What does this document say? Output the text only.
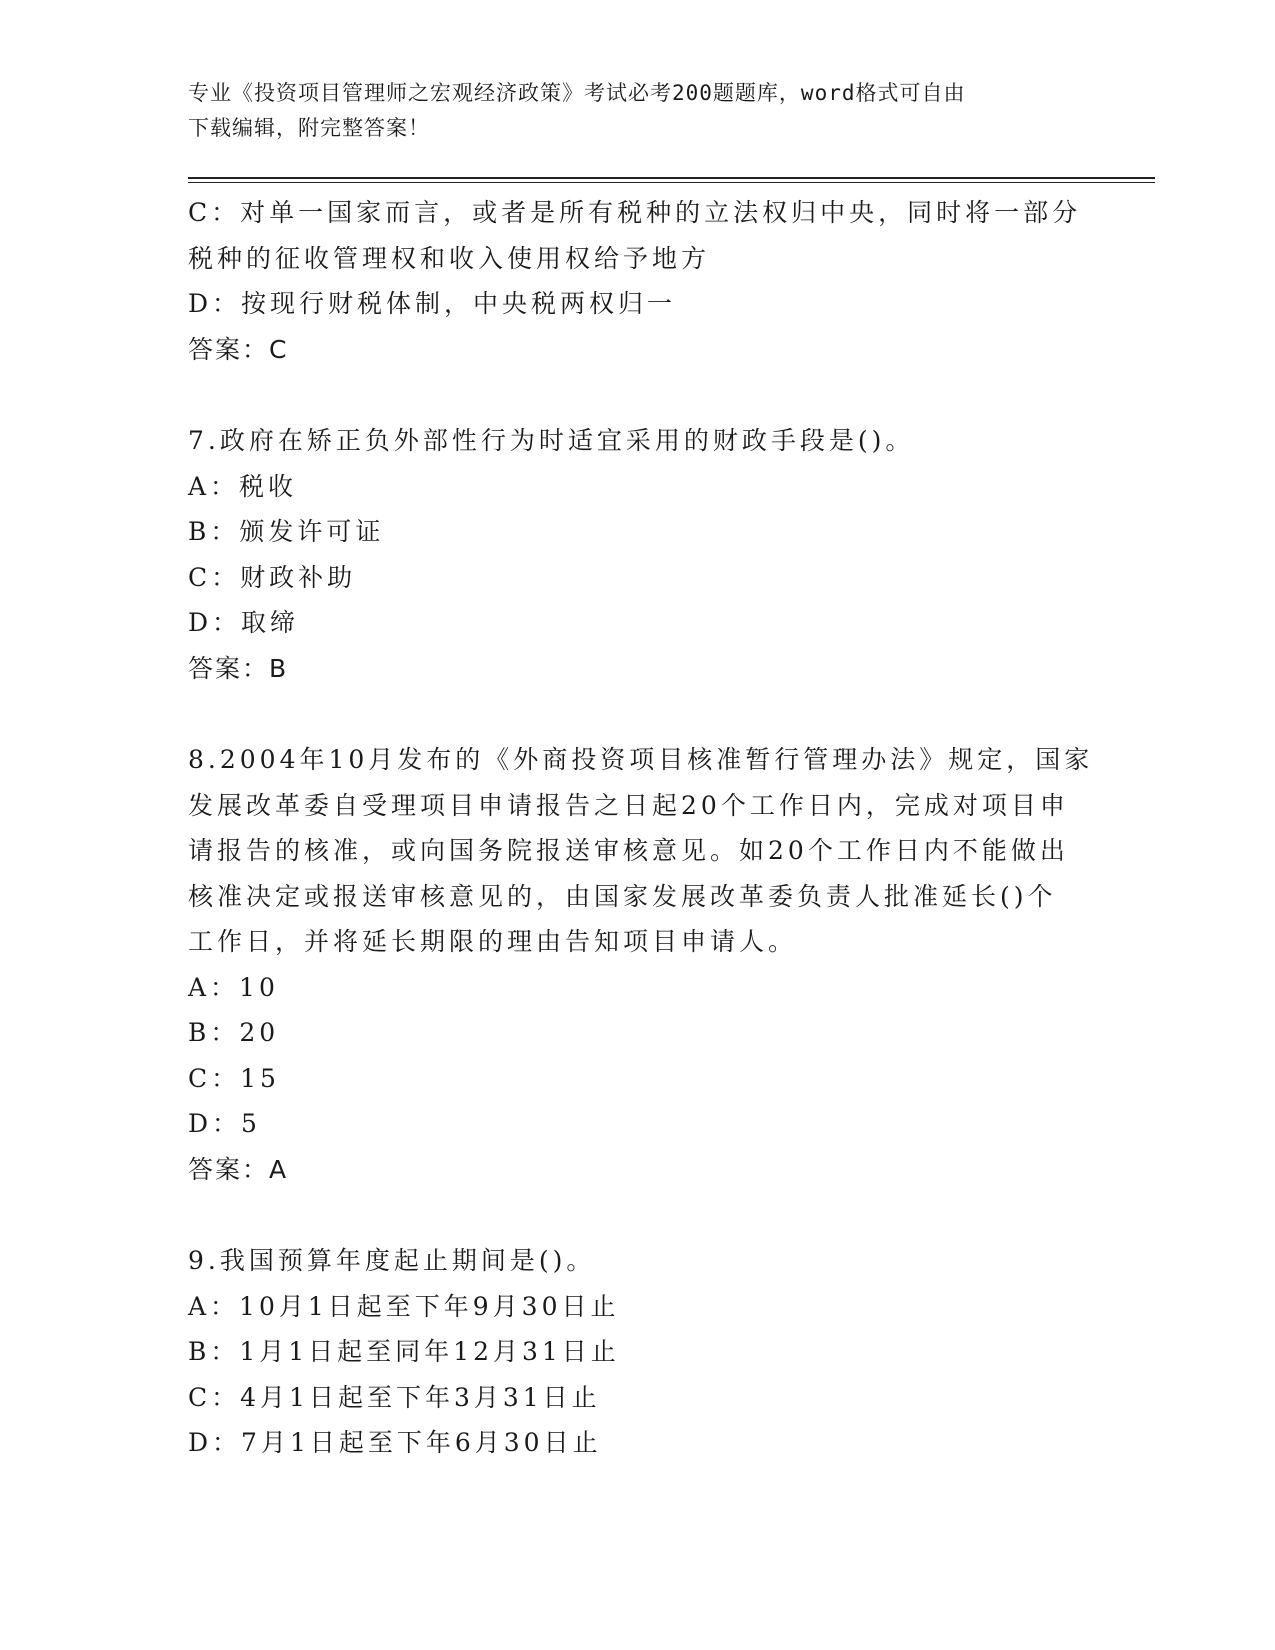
专业《投资项目管理师之宏观经济政策》考试必考200题题库，word格式可自由
下载编辑，附完整答案！
C：对单一国家而言，或者是所有税种的立法权归中央，同时将一部分
税种的征收管理权和收入使用权给予地方
D：按现行财税体制，中央税两权归一
答案：C
7.政府在矫正负外部性行为时适宜采用的财政手段是()。
A：税收
B：颁发许可证
C：财政补助
D：取缔
答案：B
8.2004年10月发布的《外商投资项目核准暂行管理办法》规定，国家
发展改革委自受理项目申请报告之日起20个工作日内，完成对项目申
请报告的核准，或向国务院报送审核意见。如20个工作日内不能做出
核准决定或报送审核意见的，由国家发展改革委负责人批准延长()个
工作日，并将延长期限的理由告知项目申请人。
A：10
B：20
C：15
D：5
答案：A
9.我国预算年度起止期间是()。
A：10月1日起至下年9月30日止
B：1月1日起至同年12月31日止
C：4月1日起至下年3月31日止
D：7月1日起至下年6月30日止
